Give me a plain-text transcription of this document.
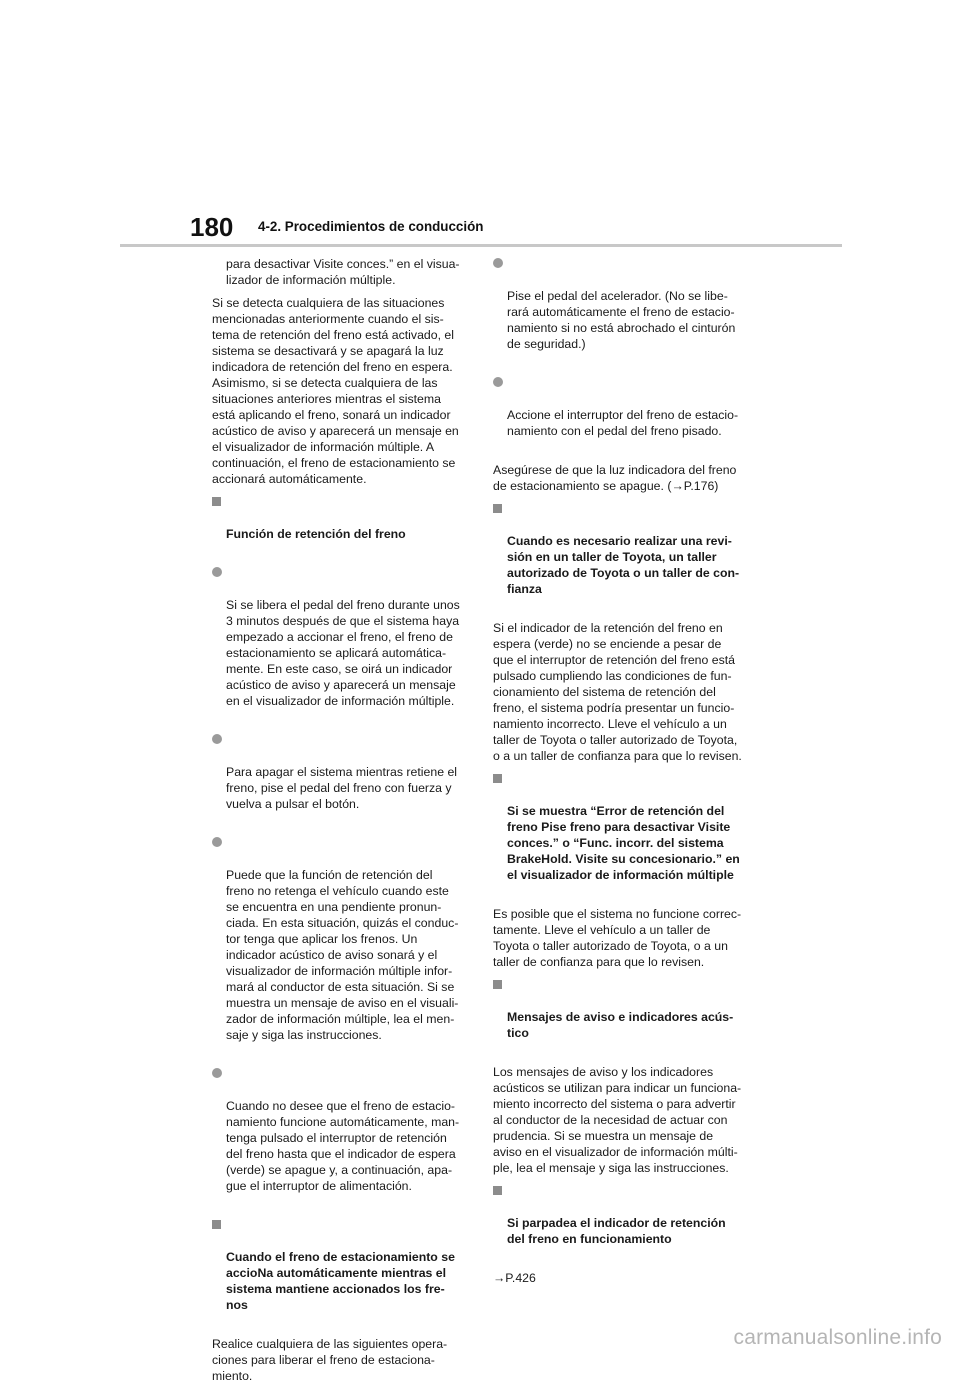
180 4-2. Procedimientos de conducción

para desactivar Visite conces.” en el visua-
lizador de información múltiple.

Si se detecta cualquiera de las situaciones
mencionadas anteriormente cuando el sis-
tema de retención del freno está activado, el
sistema se desactivará y se apagará la luz
indicadora de retención del freno en espera.
Asimismo, si se detecta cualquiera de las
situaciones anteriores mientras el sistema
está aplicando el freno, sonará un indicador
acústico de aviso y aparecerá un mensaje en
el visualizador de información múltiple. A
continuación, el freno de estacionamiento se
accionará automáticamente.

Función de retención del freno

Si se libera el pedal del freno durante unos
3 minutos después de que el sistema haya
empezado a accionar el freno, el freno de
estacionamiento se aplicará automática-
mente. En este caso, se oirá un indicador
acústico de aviso y aparecerá un mensaje
en el visualizador de información múltiple.

Para apagar el sistema mientras retiene el
freno, pise el pedal del freno con fuerza y
vuelva a pulsar el botón.

Puede que la función de retención del
freno no retenga el vehículo cuando este
se encuentra en una pendiente pronun-
ciada. En esta situación, quizás el conduc-
tor tenga que aplicar los frenos. Un
indicador acústico de aviso sonará y el
visualizador de información múltiple infor-
mará al conductor de esta situación. Si se
muestra un mensaje de aviso en el visuali-
zador de información múltiple, lea el men-
saje y siga las instrucciones.

Cuando no desee que el freno de estacio-
namiento funcione automáticamente, man-
tenga pulsado el interruptor de retención
del freno hasta que el indicador de espera
(verde) se apague y, a continuación, apa-
gue el interruptor de alimentación.

Cuando el freno de estacionamiento se
accioNa automáticamente mientras el
sistema mantiene accionados los fre-
nos

Realice cualquiera de las siguientes opera-
ciones para liberar el freno de estaciona-
miento.

Pise el pedal del acelerador. (No se libe-
rará automáticamente el freno de estacio-
namiento si no está abrochado el cinturón
de seguridad.)

Accione el interruptor del freno de estacio-
namiento con el pedal del freno pisado.

Asegúrese de que la luz indicadora del freno
de estacionamiento se apague. (→P.176)

Cuando es necesario realizar una revi-
sión en un taller de Toyota, un taller
autorizado de Toyota o un taller de con-
fianza

Si el indicador de la retención del freno en
espera (verde) no se enciende a pesar de
que el interruptor de retención del freno está
pulsado cumpliendo las condiciones de fun-
cionamiento del sistema de retención del
freno, el sistema podría presentar un funcio-
namiento incorrecto. Lleve el vehículo a un
taller de Toyota o taller autorizado de Toyota,
o a un taller de confianza para que lo revisen.

Si se muestra “Error de retención del
freno Pise freno para desactivar Visite
conces.” o “Func. incorr. del sistema
BrakeHold. Visite su concesionario.” en
el visualizador de información múltiple

Es posible que el sistema no funcione correc-
tamente. Lleve el vehículo a un taller de
Toyota o taller autorizado de Toyota, o a un
taller de confianza para que lo revisen.

Mensajes de aviso e indicadores acús-
tico

Los mensajes de aviso y los indicadores
acústicos se utilizan para indicar un funciona-
miento incorrecto del sistema o para advertir
al conductor de la necesidad de actuar con
prudencia. Si se muestra un mensaje de
aviso en el visualizador de información múlti-
ple, lea el mensaje y siga las instrucciones.

Si parpadea el indicador de retención
del freno en funcionamiento

→P.426

carmanualsonline.info
